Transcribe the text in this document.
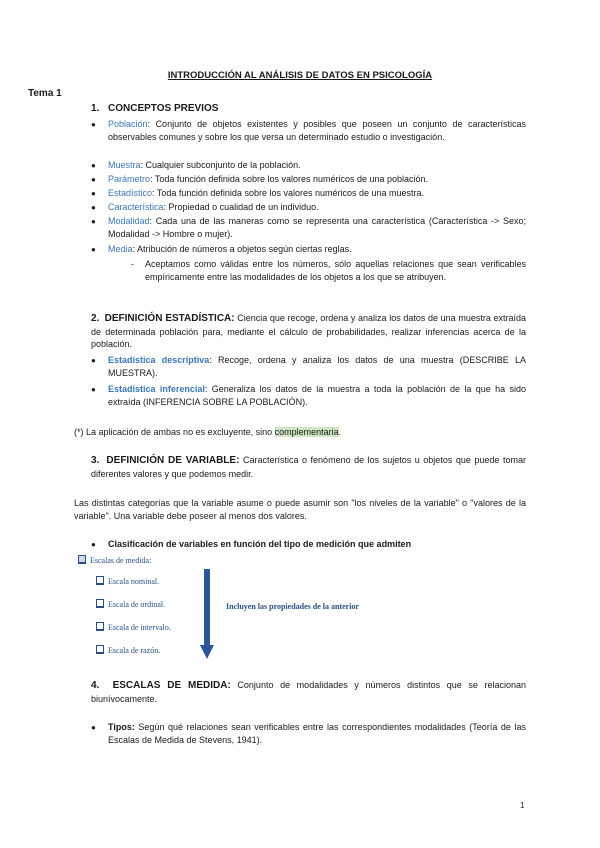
INTRODUCCIÓN AL ANÁLISIS DE DATOS EN PSICOLOGÍA
Tema 1
1. CONCEPTOS PREVIOS
● Población: Conjunto de objetos existentes y posibles que poseen un conjunto de características observables comunes y sobre los que versa un determinado estudio o investigación.
● Muestra: Cualquier subconjunto de la población.
● Parámetro: Toda función definida sobre los valores numéricos de una población.
● Estadístico: Toda función definida sobre los valores numéricos de una muestra.
● Característica: Propiedad o cualidad de un individuo.
● Modalidad: Cada una de las maneras como se representa una característica (Característica -> Sexo; Modalidad -> Hombre o mujer).
● Media: Atribución de números a objetos según ciertas reglas.
- Aceptamos como válidas entre los números, sólo aquellas relaciones que sean verificables empíricamente entre las modalidades de los objetos a los que se atribuyen.
2. DEFINICIÓN ESTADÍSTICA: Ciencia que recoge, ordena y analiza los datos de una muestra extraída de determinada población para, mediante el cálculo de probabilidades, realizar inferencias acerca de la población.
● Estadística descriptiva: Recoge, ordena y analiza los datos de una muestra (DESCRIBE LA MUESTRA).
● Estadística inferencial: Generaliza los datos de la muestra a toda la población de la que ha sido extraída (INFERENCIA SOBRE LA POBLACIÓN).
(*) La aplicación de ambas no es excluyente, sino complementaria.
3. DEFINICIÓN DE VARIABLE: Característica o fenómeno de los sujetos u objetos que puede tomar diferentes valores y que podemos medir.
Las distintas categorías que la variable asume o puede asumir son "los niveles de la variable" o "valores de la variable". Una variable debe poseer al menos dos valores.
● Clasificación de variables en función del tipo de medición que admiten
Escalas de medida:
Escala nominal.
Escala de ordinal.
Escala de intervalo.
Escala de razón.
Incluyen las propiedades de la anterior
4. ESCALAS DE MEDIDA: Conjunto de modalidades y números distintos que se relacionan biunívocamente.
● Tipos: Según qué relaciones sean verificables entre las correspondientes modalidades (Teoría de las Escalas de Medida de Stevens, 1941).
1
